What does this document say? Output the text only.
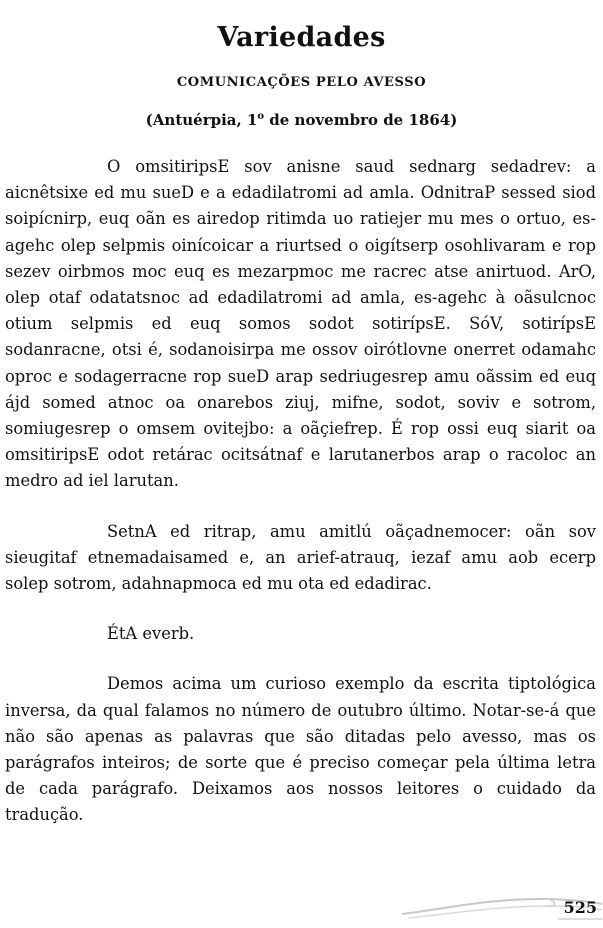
Variedades
COMUNICAÇÕES PELO AVESSO
(Antuérpia, 1$^o$ de novembro de 1864)

O omsitiripsE sov anisne saud sednarg sedadrev: a aicnêtsixe ed mu sueD e a edadilatromi ad amla. OdnitraP sessed siod soipícnirp, euq oãn es airedop ritimda uo ratiejer mu mes o ortuo, es-agehc olep selpmis oinícoicar a riurtsed o oigítserp osohlivaram e rop sezev oirbmos moc euq es mezarpmoc me racrec atse anirtuod. ArO, olep otaf odatatsnoc ad edadilatromi ad amla, es-agehc à oãsulcnoc otium selpmis ed euq somos sodot sotirípsE. SóV, sotirípsE sodanracne, otsi é, sodanoisirpa me ossov oirótlovne onerret odamahc oproc e sodagerracne rop sueD arap sedriugesrep amu oãssim ed euq ájd somed atnoc oa onarebos ziuj, mifne, sodot, soviv e sotrom, somiugesrep o omsem ovitejbo: a oãçiefrep. É rop ossi euq siarit oa omsitiripsE odot retárac ocitsátnaf e larutanerbos arap o racoloc an medro ad iel larutan.

SetnA ed ritrap, amu amitlú oãçadnemocer: oãn sov sieugitaf etnemadaisamed e, an arief-atrauq, iezaf amu aob ecerp solep sotrom, adahnapmoca ed mu ota ed edadirac.

ÉtA everb.

Demos acima um curioso exemplo da escrita tiptológica inversa, da qual falamos no número de outubro último. Notar-se-á que não são apenas as palavras que são ditadas pelo avesso, mas os parágrafos inteiros; de sorte que é preciso começar pela última letra de cada parágrafo. Deixamos aos nossos leitores o cuidado da tradução.

525
